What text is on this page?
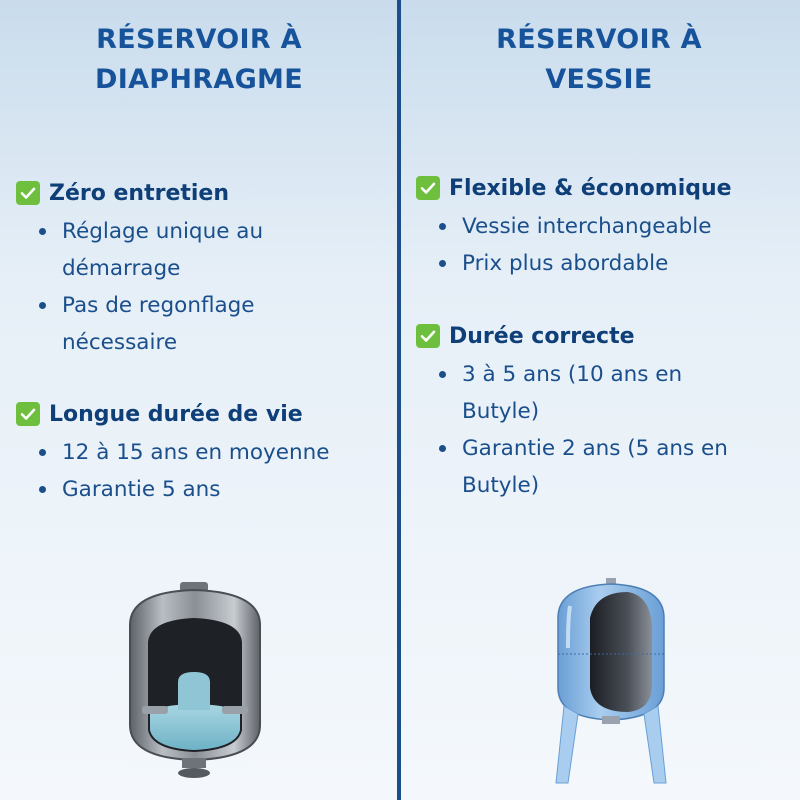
RÉSERVOIR À
DIAPHRAGME
Zéro entretien
Réglage unique au
démarrage
Pas de regonflage
nécessaire
Longue durée de vie
12 à 15 ans en moyenne
Garantie 5 ans
RÉSERVOIR À
VESSIE
Flexible & économique
Vessie interchangeable
Prix plus abordable
Durée correcte
3 à 5 ans (10 ans en
Butyle)
Garantie 2 ans (5 ans en
Butyle)
